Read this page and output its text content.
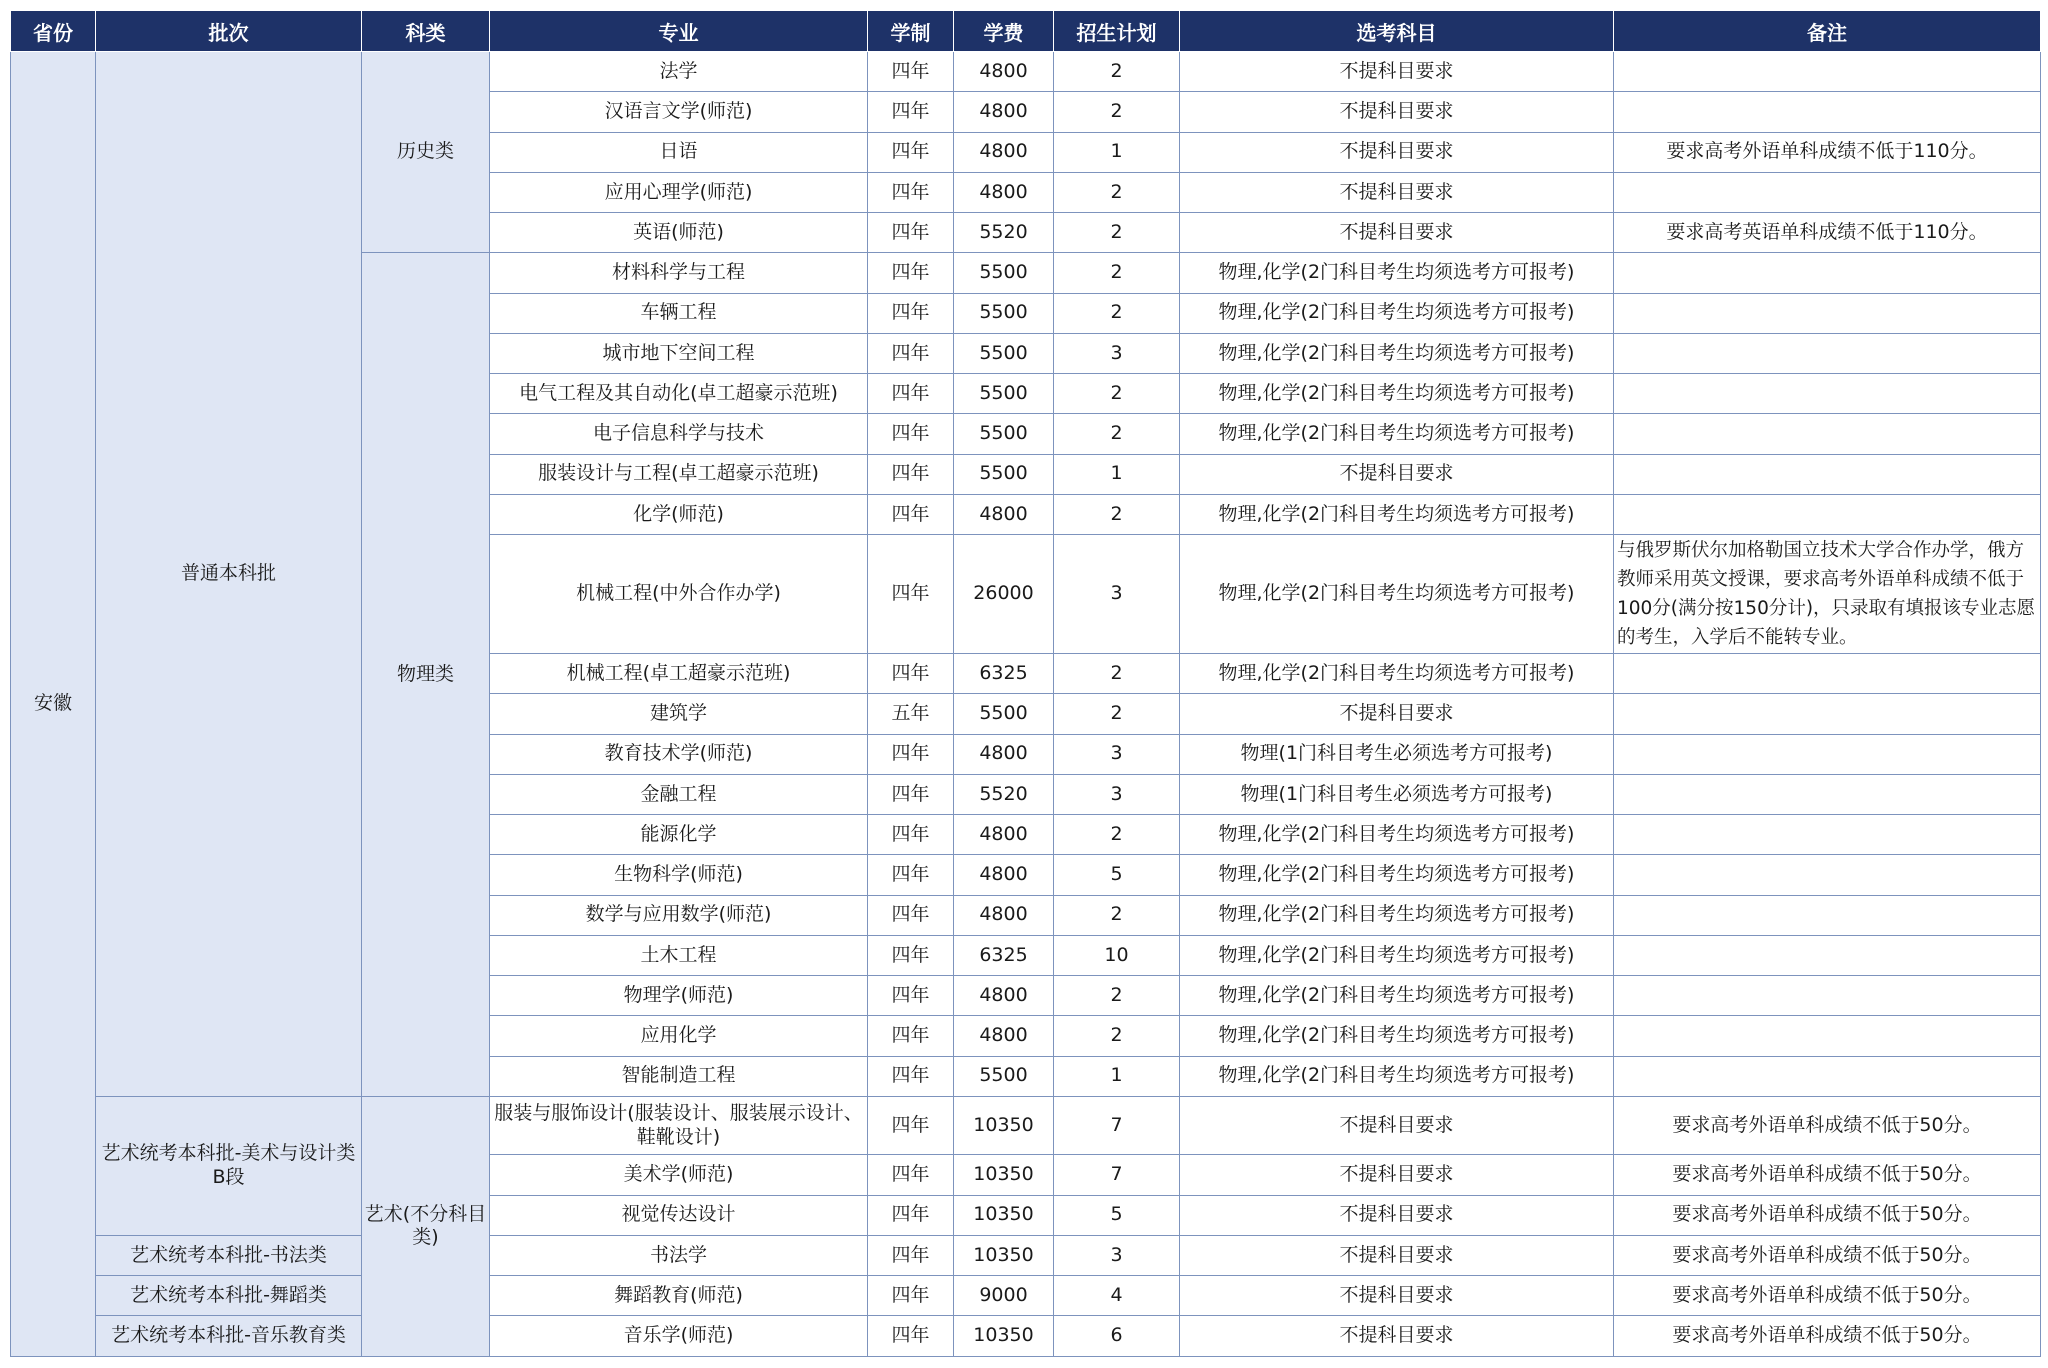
省份	批次	科类	专业	学制	学费	招生计划	选考科目	备注
安徽	普通本科批	历史类	法学	四年	4800	2	不提科目要求	
			汉语言文学(师范)	四年	4800	2	不提科目要求	
			日语	四年	4800	1	不提科目要求	要求高考外语单科成绩不低于110分。
			应用心理学(师范)	四年	4800	2	不提科目要求	
			英语(师范)	四年	5520	2	不提科目要求	要求高考英语单科成绩不低于110分。
		物理类	材料科学与工程	四年	5500	2	物理,化学(2门科目考生均须选考方可报考)	
			车辆工程	四年	5500	2	物理,化学(2门科目考生均须选考方可报考)	
			城市地下空间工程	四年	5500	3	物理,化学(2门科目考生均须选考方可报考)	
			电气工程及其自动化(卓工超豪示范班)	四年	5500	2	物理,化学(2门科目考生均须选考方可报考)	
			电子信息科学与技术	四年	5500	2	物理,化学(2门科目考生均须选考方可报考)	
			服装设计与工程(卓工超豪示范班)	四年	5500	1	不提科目要求	
			化学(师范)	四年	4800	2	物理,化学(2门科目考生均须选考方可报考)	
			机械工程(中外合作办学)	四年	26000	3	物理,化学(2门科目考生均须选考方可报考)	与俄罗斯伏尔加格勒国立技术大学合作办学，俄方教师采用英文授课，要求高考外语单科成绩不低于100分(满分按150分计)，只录取有填报该专业志愿的考生，入学后不能转专业。
			机械工程(卓工超豪示范班)	四年	6325	2	物理,化学(2门科目考生均须选考方可报考)	
			建筑学	五年	5500	2	不提科目要求	
			教育技术学(师范)	四年	4800	3	物理(1门科目考生必须选考方可报考)	
			金融工程	四年	5520	3	物理(1门科目考生必须选考方可报考)	
			能源化学	四年	4800	2	物理,化学(2门科目考生均须选考方可报考)	
			生物科学(师范)	四年	4800	5	物理,化学(2门科目考生均须选考方可报考)	
			数学与应用数学(师范)	四年	4800	2	物理,化学(2门科目考生均须选考方可报考)	
			土木工程	四年	6325	10	物理,化学(2门科目考生均须选考方可报考)	
			物理学(师范)	四年	4800	2	物理,化学(2门科目考生均须选考方可报考)	
			应用化学	四年	4800	2	物理,化学(2门科目考生均须选考方可报考)	
			智能制造工程	四年	5500	1	物理,化学(2门科目考生均须选考方可报考)	
	艺术统考本科批-美术与设计类B段	艺术(不分科目类)	服装与服饰设计(服装设计、服装展示设计、鞋靴设计)	四年	10350	7	不提科目要求	要求高考外语单科成绩不低于50分。
			美术学(师范)	四年	10350	7	不提科目要求	要求高考外语单科成绩不低于50分。
			视觉传达设计	四年	10350	5	不提科目要求	要求高考外语单科成绩不低于50分。
	艺术统考本科批-书法类		书法学	四年	10350	3	不提科目要求	要求高考外语单科成绩不低于50分。
	艺术统考本科批-舞蹈类		舞蹈教育(师范)	四年	9000	4	不提科目要求	要求高考外语单科成绩不低于50分。
	艺术统考本科批-音乐教育类		音乐学(师范)	四年	10350	6	不提科目要求	要求高考外语单科成绩不低于50分。
